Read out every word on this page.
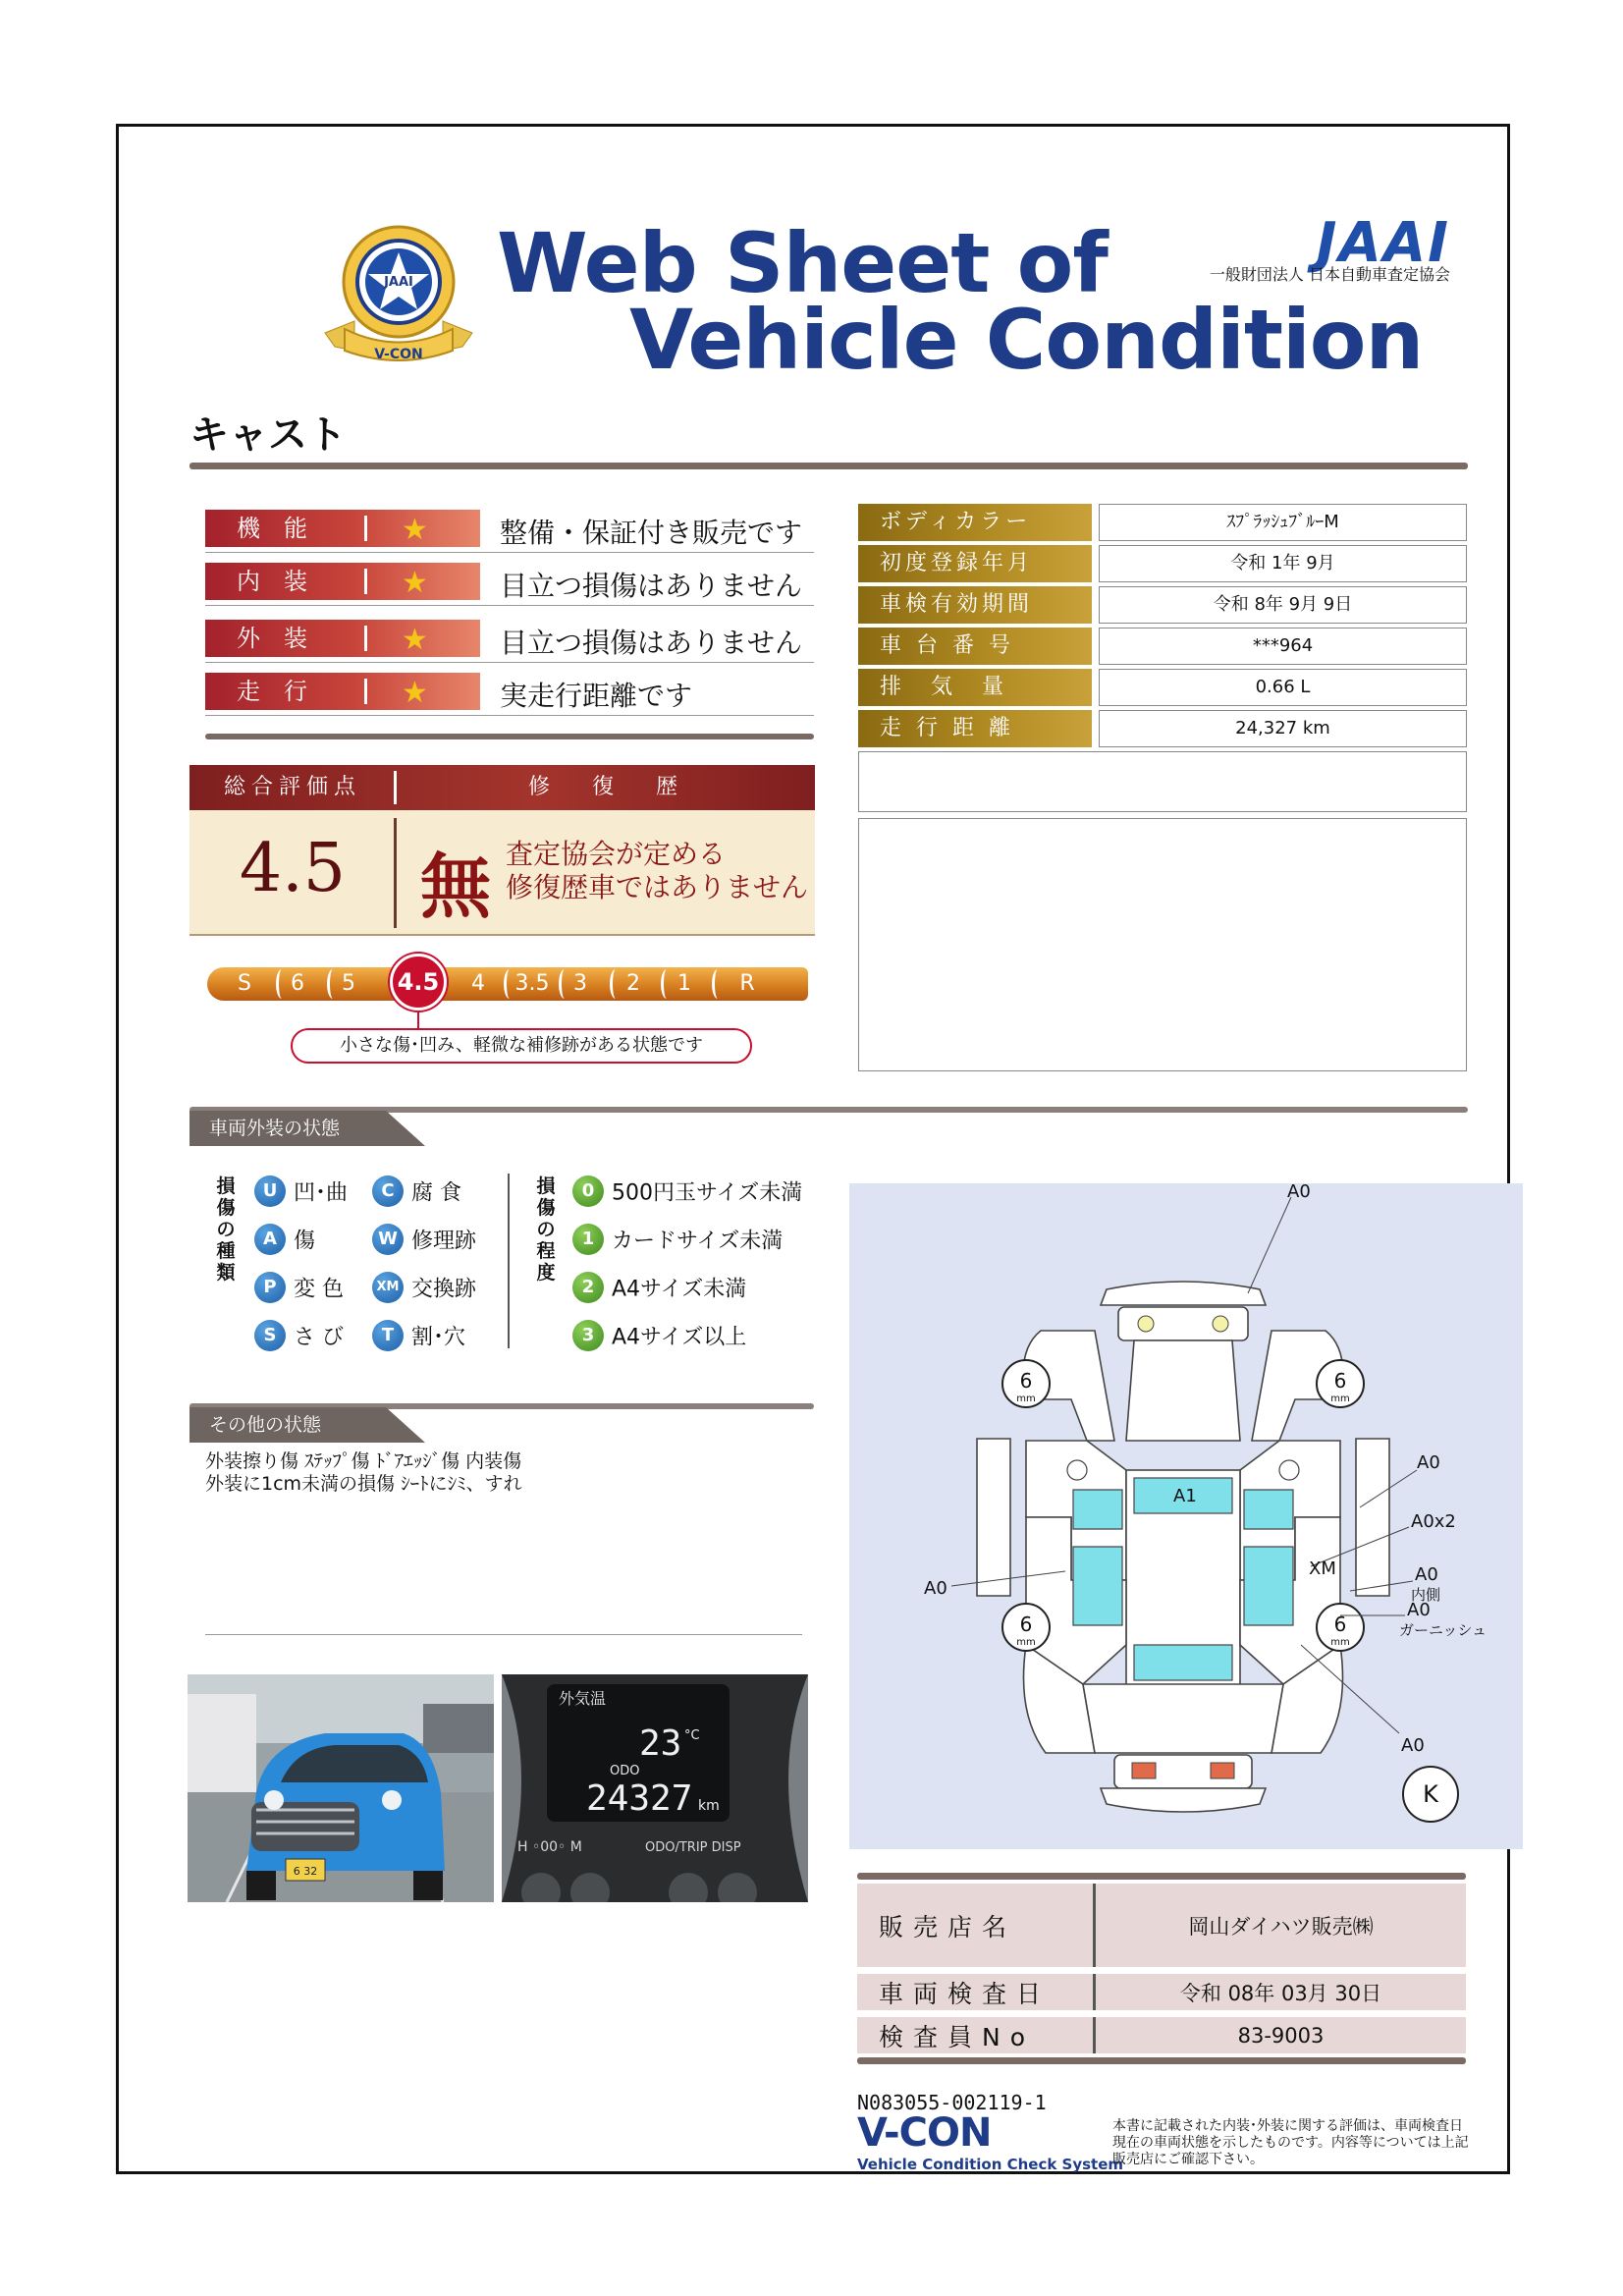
JAAI
V-CON
Web Sheet of
Vehicle Condition
JAAI
一般財団法人 日本自動車査定協会
キャスト
機能 ★	整備・保証付き販売です
内装 ★	目立つ損傷はありません
外装 ★	目立つ損傷はありません
走行 ★	実走行距離です
ボディカラー	ｽﾌﾟﾗｯｼｭﾌﾞﾙｰM
初度登録年月	令和 1年 9月
車検有効期間	令和 8年 9月 9日
車 台 番 号	***964
排　気　量	0.66 L
走 行 距 離	24,327 km
総合評価点	修 復 歴
4.5	無 査定協会が定める
修復歴車ではありません
S	6	5	4.5	4	3.5	3	2	1	R
小さな傷･凹み、軽微な補修跡がある状態です
車両外装の状態
損傷の種類
U 凹･曲	C 腐 食
A 傷	W 修理跡
P 変 色	XM 交換跡
S さ び	T 割･穴
損傷の程度
0 500円玉サイズ未満
1 カードサイズ未満
2 A4サイズ未満
3 A4サイズ以上
その他の状態
外装擦り傷 ｽﾃｯﾌﾟ傷 ﾄﾞｱｴｯｼﾞ傷 内装傷
外装に1cm未満の損傷 ｼｰﾄにｼﾐ、すれ
6 32
外気温
23 °C
ODO
24327 km
H ◦00◦ M	ODO/TRIP DISP
6	6
6	6
K
mm	mm
mm	mm
A0
A1
A0
A0x2
XM	A0
A0
A0
A0	内側
ガーニッシュ
販売店名	岡山ダイハツ販売㈱
車両検査日	令和 08年 03月 30日
検査員No	83-9003
N083055-002119-1
V-CON
Vehicle Condition Check System
本書に記載された内装･外装に関する評価は、車両検査日現在の車両状態を示したものです。内容等については上記販売店にご確認下さい。
